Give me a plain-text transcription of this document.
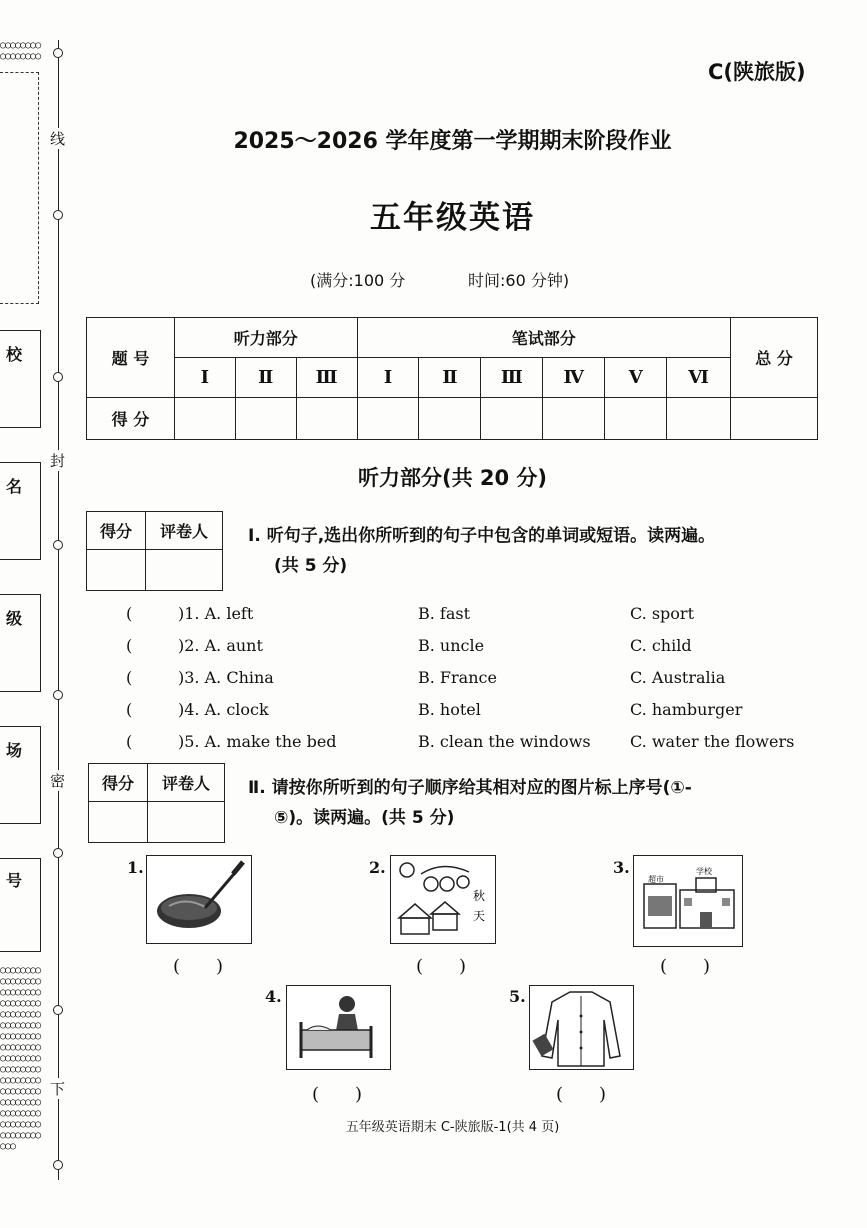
○○○○○○○○○○○○○○○○
○○○○○○○○○○○○○○○○○○○○○○○○○○○○○○○○○○○○○○○○○○○○○○○○○○○○○○○○○○○○○○○○○○○○○○○○○○○○○○○○○○○○○○○○○○○○○○○○○○○○○○○○○○○○○○○○○○○○○○○○○○○○○○○○○○○
线
封
密
下
校
名
级
场
号
C(陕旅版)
2025～2026 学年度第一学期期末阶段作业
五年级英语
(满分:100 分	时间:60 分钟)
题 号	听力部分			笔试部分						总 分
	Ⅰ	Ⅱ	Ⅲ	Ⅰ	Ⅱ	Ⅲ	Ⅳ	Ⅴ	Ⅵ	
得 分										
听力部分(共 20 分)
得分	评卷人
	Ⅰ. 听句子,选出你所听到的句子中包含的单词或短语。读两遍。
(共 5 分)
(	)1. A. left	B. fast	C. sport
(	)2. A. aunt	B. uncle	C. child
(	)3. A. China	B. France	C. Australia
(	)4. A. clock	B. hotel	C. hamburger
(	)5. A. make the bed	B. clean the windows C. water the flowers
得分	评卷人
	Ⅱ. 请按你所听到的句子顺序给其相对应的图片标上序号(①-
⑤)。读两遍。(共 5 分)
1.
(　　)
2.
秋
天
(　　)
3.
超市
学校
(　　)
4.
(　　)
5.
(　　)
五年级英语期末 C-陕旅版-1(共 4 页)
